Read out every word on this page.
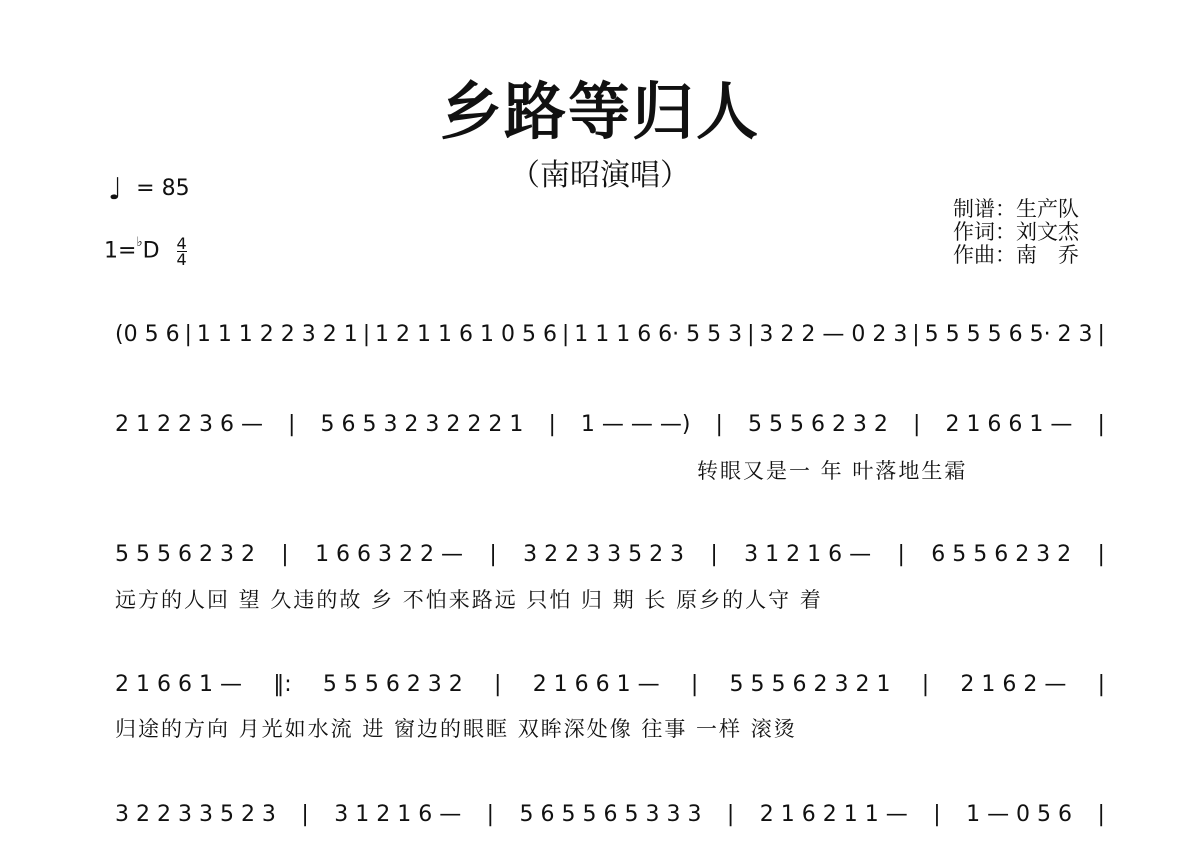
乡路等归人
（南昭演唱）
♩ = 85
$1=^♭D \frac{4}{4}$
制谱：生产队
作词：刘文杰
作曲：南　乔
(0 5 6 | 1 1 1 2 2 3 2 1 | 1 2 1 1 6 1 0 5 6 | 1 1 1 6 6· 5 5 3 | 3 2 2 — 0 2 3 | 5 5 5 5 6 5· 2 3 |
2 1 2 2 3 6 — | 5 6 5 3 2 3 2 2 2 1 | 1 — — —) | 5 5 5 6 2 3 2 | 2 1 6 6 1 — |
转眼又是一 年 叶落地生霜
5 5 5 6 2 3 2 | 1 6 6 3 2 2 — | 3 2 2 3 3 5 2 3 | 3 1 2 1 6 — | 6 5 5 6 2 3 2 |
远方的人回 望 久违的故 乡 不怕来路远 只怕 归 期 长 原乡的人守 着
2 1 6 6 1 — ‖: 5 5 5 6 2 3 2 | 2 1 6 6 1 — | 5 5 5 6 2 3 2 1 | 2 1 6 2 — |
归途的方向 月光如水流 进 窗边的眼眶 双眸深处像 往事 一样 滚烫
3 2 2 3 3 5 2 3 | 3 1 2 1 6 — | 5 6 5 5 6 5 3 3 3 | 2 1 6 2 1 1 — | 1 — 0 5 6 |
